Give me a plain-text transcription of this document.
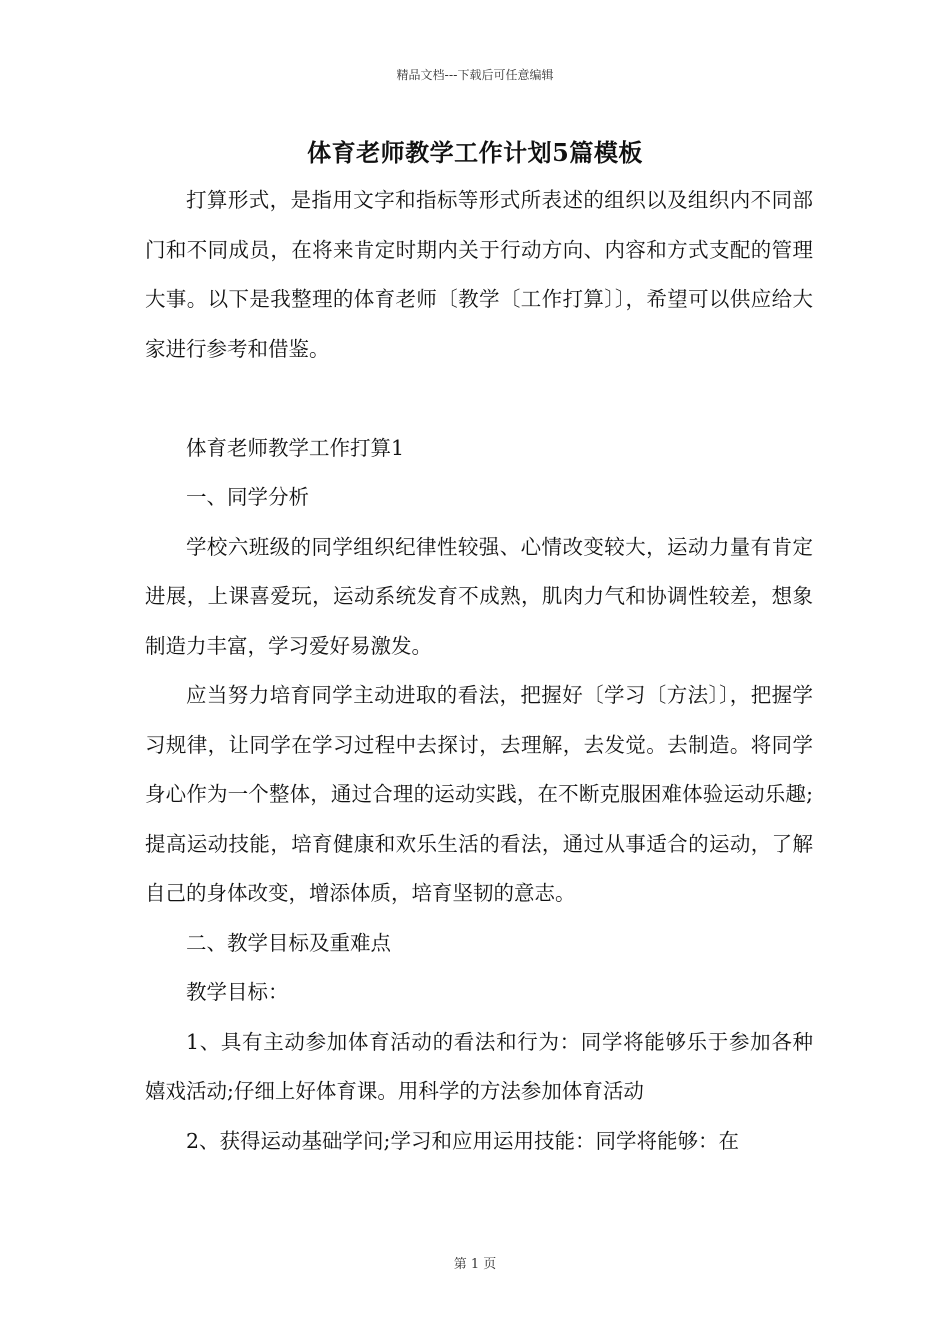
精品文档---下载后可任意编辑
体育老师教学工作计划5篇模板

打算形式，是指用文字和指标等形式所表述的组织以及组织内不同部门和不同成员，在将来肯定时期内关于行动方向、内容和方式支配的管理大事。以下是我整理的体育老师〔教学〔工作打算〕〕，希望可以供应给大家进行参考和借鉴。

体育老师教学工作打算1

一、同学分析

学校六班级的同学组织纪律性较强、心情改变较大，运动力量有肯定进展，上课喜爱玩，运动系统发育不成熟，肌肉力气和协调性较差，想象制造力丰富，学习爱好易激发。

应当努力培育同学主动进取的看法，把握好〔学习〔方法〕〕，把握学习规律，让同学在学习过程中去探讨，去理解，去发觉。去制造。将同学身心作为一个整体，通过合理的运动实践，在不断克服困难体验运动乐趣;提高运动技能，培育健康和欢乐生活的看法，通过从事适合的运动，了解自己的身体改变，增添体质，培育坚韧的意志。

二、教学目标及重难点

教学目标：

1、具有主动参加体育活动的看法和行为：同学将能够乐于参加各种嬉戏活动;仔细上好体育课。用科学的方法参加体育活动

2、获得运动基础学问;学习和应用运用技能：同学将能够：在

第 1 页
